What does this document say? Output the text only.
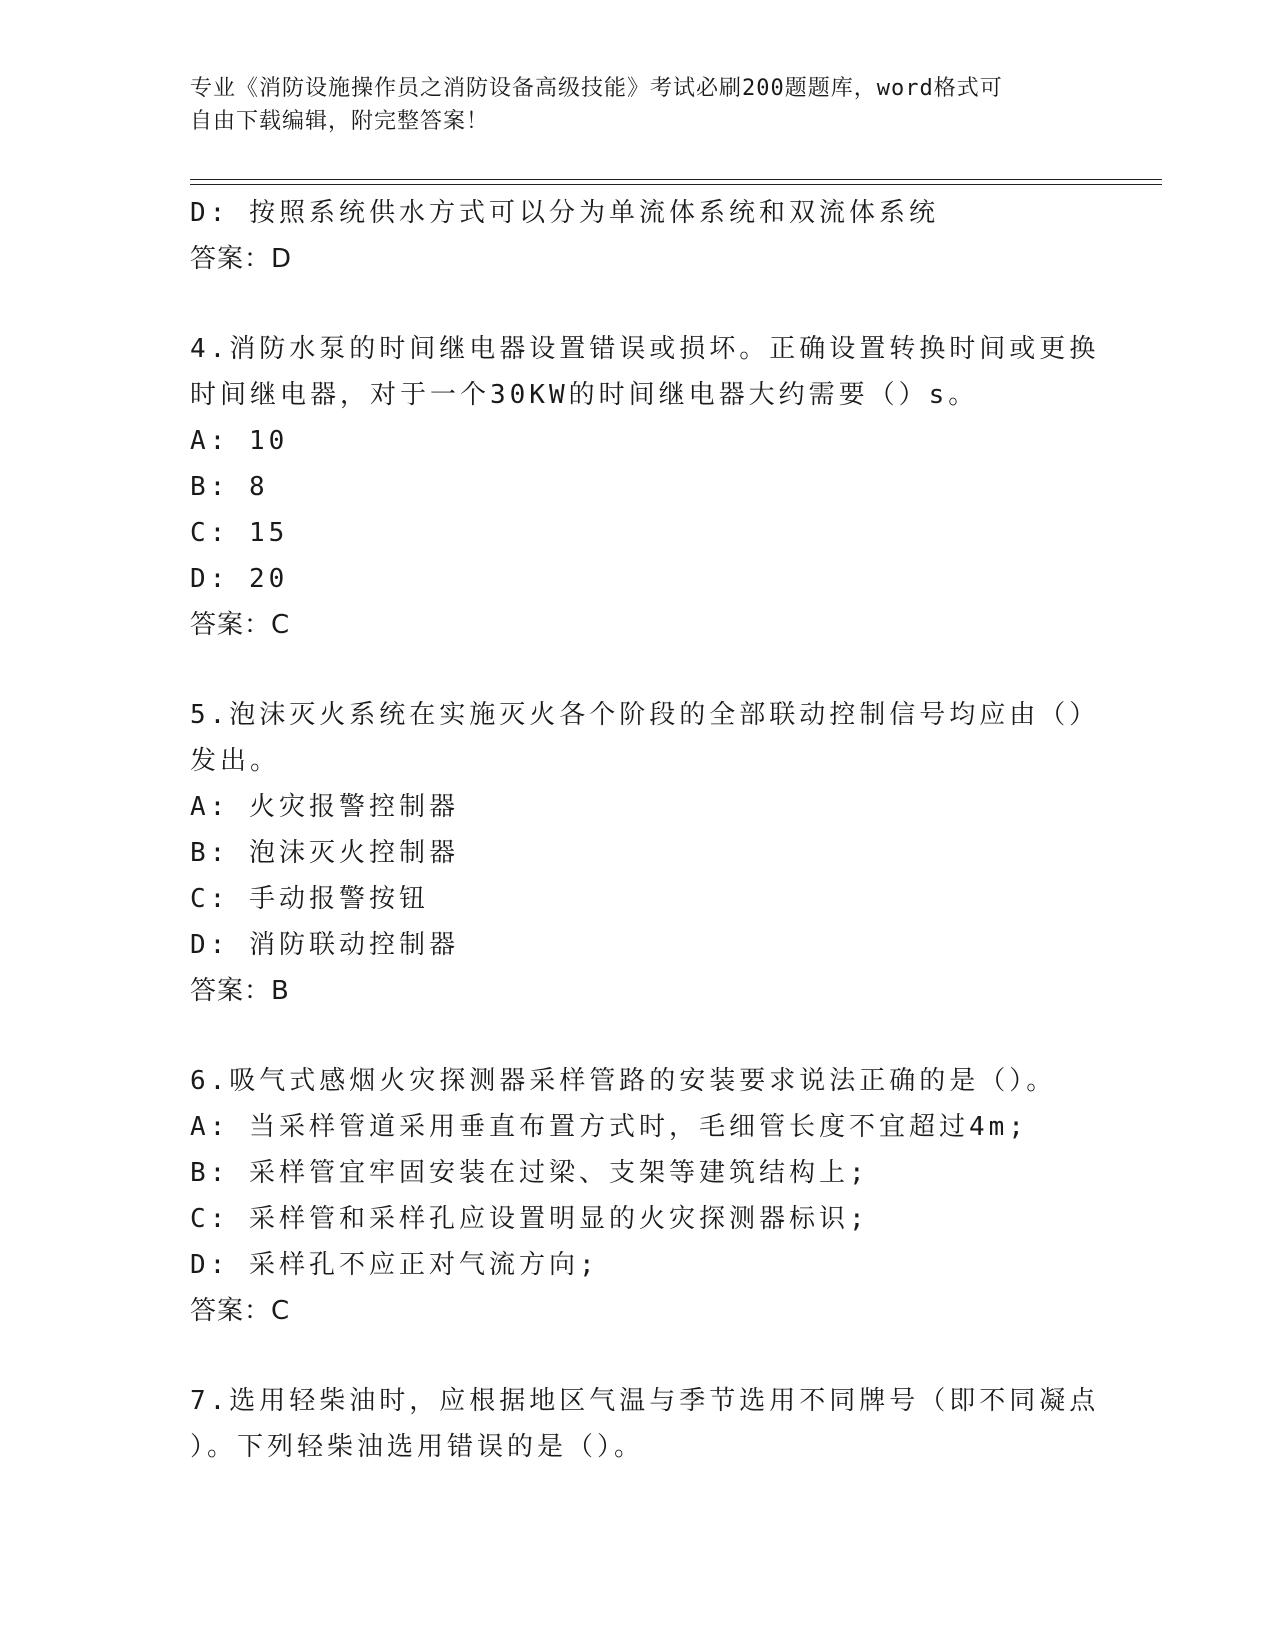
专业《消防设施操作员之消防设备高级技能》考试必刷200题题库，word格式可
自由下载编辑，附完整答案！
D: 按照系统供水方式可以分为单流体系统和双流体系统
答案：D
4.消防水泵的时间继电器设置错误或损坏。正确设置转换时间或更换
时间继电器，对于一个30KW的时间继电器大约需要（）s。
A: 10
B: 8
C: 15
D: 20
答案：C
5.泡沫灭火系统在实施灭火各个阶段的全部联动控制信号均应由（）
发出。
A: 火灾报警控制器
B: 泡沫灭火控制器
C: 手动报警按钮
D: 消防联动控制器
答案：B
6.吸气式感烟火灾探测器采样管路的安装要求说法正确的是（）。
A: 当采样管道采用垂直布置方式时，毛细管长度不宜超过4m;
B: 采样管宜牢固安装在过梁、支架等建筑结构上;
C: 采样管和采样孔应设置明显的火灾探测器标识;
D: 采样孔不应正对气流方向;
答案：C
7.选用轻柴油时，应根据地区气温与季节选用不同牌号（即不同凝点
）。下列轻柴油选用错误的是（）。
